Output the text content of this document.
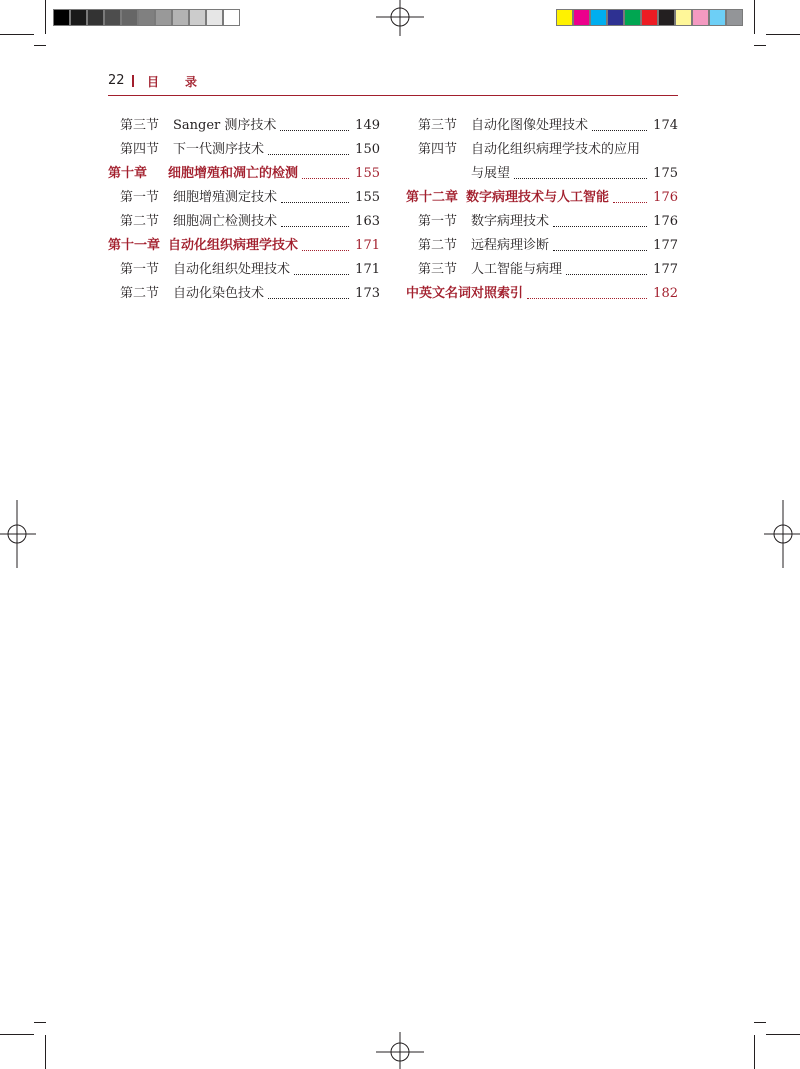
22 目录
第三节 Sanger 测序技术	149
第四节 下一代测序技术	150
第十章 细胞增殖和凋亡的检测	155
第一节 细胞增殖测定技术	155
第二节 细胞凋亡检测技术	163
第十一章 自动化组织病理学技术	171
第一节 自动化组织处理技术	171
第二节 自动化染色技术	173
第三节 自动化图像处理技术	174
第四节 自动化组织病理学技术的应用
与展望	175
第十二章 数字病理技术与人工智能	176
第一节 数字病理技术	176
第二节 远程病理诊断	177
第三节 人工智能与病理	177
中英文名词对照索引	182
